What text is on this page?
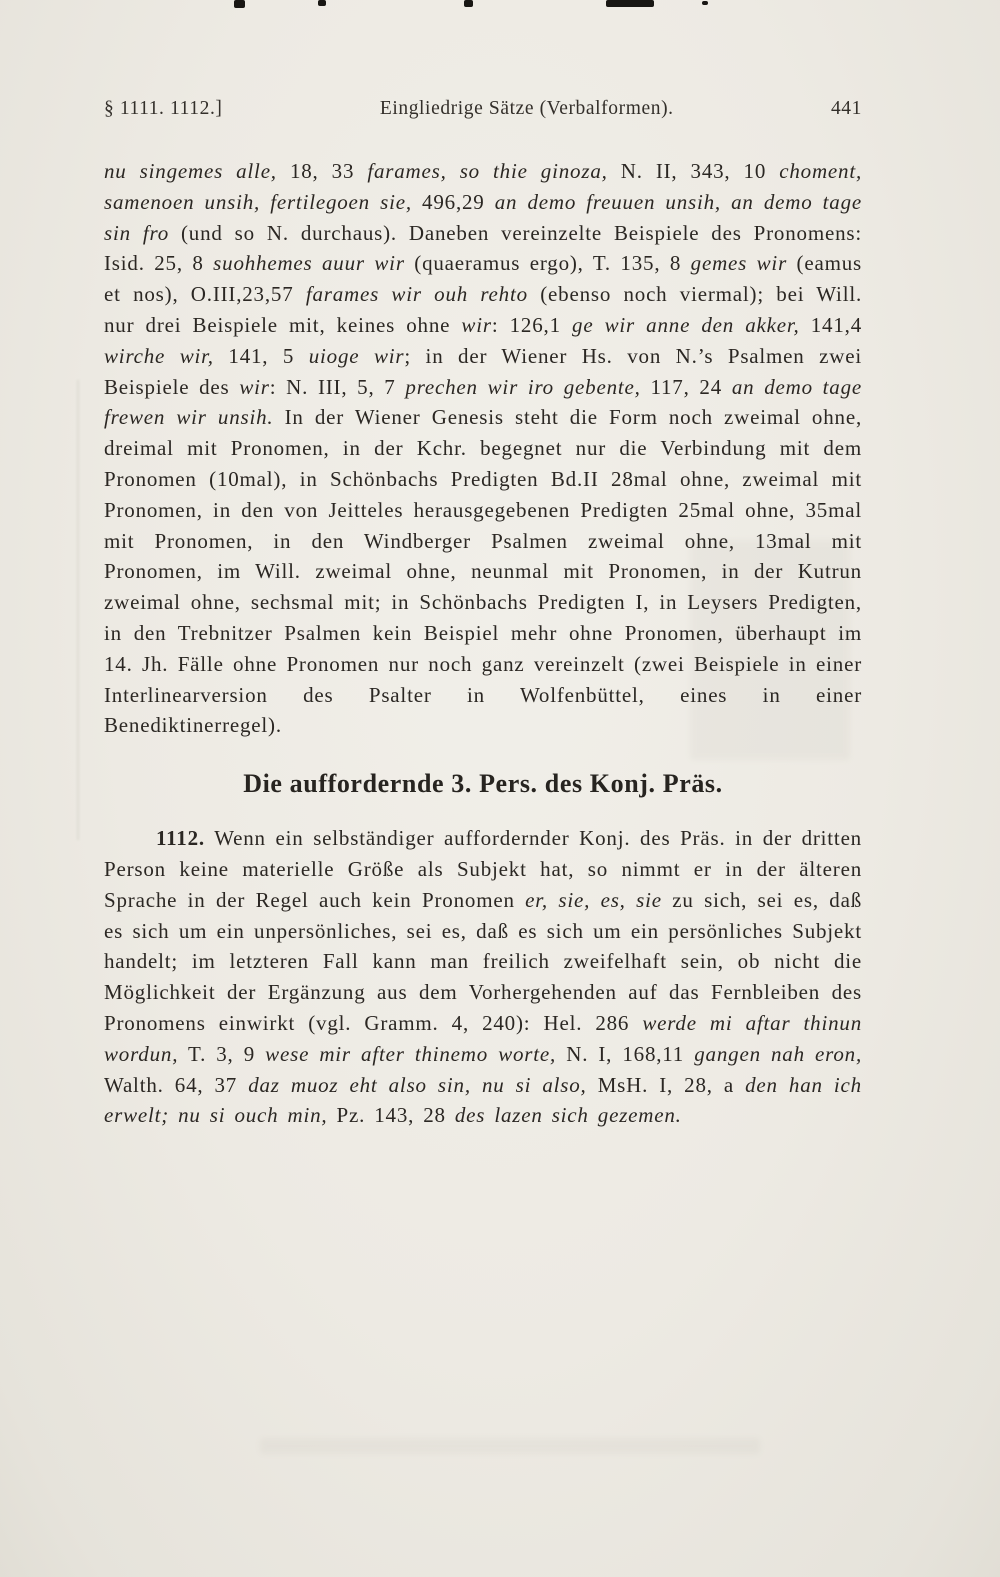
§ 1111. 1112.]	Eingliedrige Sätze (Verbalformen).	441

nu singemes alle, 18, 33 farames, so thie ginoza, N. II, 343, 10 choment, samenoen unsih, fertilegoen sie, 496,29 an demo freuuen unsih, an demo tage sin fro (und so N. durchaus). Daneben vereinzelte Beispiele des Pronomens: Isid. 25, 8 suohhemes auur wir (quaeramus ergo), T. 135, 8 gemes wir (eamus et nos), O.III,23,57 farames wir ouh rehto (ebenso noch viermal); bei Will. nur drei Beispiele mit, keines ohne wir: 126,1 ge wir anne den akker, 141,4 wirche wir, 141, 5 uioge wir; in der Wiener Hs. von N.’s Psalmen zwei Beispiele des wir: N. III, 5, 7 prechen wir iro gebente, 117, 24 an demo tage frewen wir unsih. In der Wiener Genesis steht die Form noch zweimal ohne, dreimal mit Pronomen, in der Kchr. begegnet nur die Verbindung mit dem Pronomen (10mal), in Schönbachs Predigten Bd.II 28mal ohne, zweimal mit Pronomen, in den von Jeitteles herausgegebenen Predigten 25mal ohne, 35mal mit Pronomen, in den Windberger Psalmen zweimal ohne, 13mal mit Pronomen, im Will. zweimal ohne, neunmal mit Pronomen, in der Kutrun zweimal ohne, sechsmal mit; in Schönbachs Predigten I, in Leysers Predigten, in den Trebnitzer Psalmen kein Beispiel mehr ohne Pronomen, überhaupt im 14. Jh. Fälle ohne Pronomen nur noch ganz vereinzelt (zwei Beispiele in einer Interlinearversion des Psalter in Wolfenbüttel, eines in einer Benediktinerregel).

Die auffordernde 3. Pers. des Konj. Präs.

1112. Wenn ein selbständiger auffordernder Konj. des Präs. in der dritten Person keine materielle Größe als Subjekt hat, so nimmt er in der älteren Sprache in der Regel auch kein Pronomen er, sie, es, sie zu sich, sei es, daß es sich um ein unpersönliches, sei es, daß es sich um ein persönliches Subjekt handelt; im letzteren Fall kann man freilich zweifelhaft sein, ob nicht die Möglichkeit der Ergänzung aus dem Vorhergehenden auf das Fernbleiben des Pronomens einwirkt (vgl. Gramm. 4, 240): Hel. 286 werde mi aftar thinun wordun, T. 3, 9 wese mir after thinemo worte, N. I, 168,11 gangen nah eron, Walth. 64, 37 daz muoz eht also sin, nu si also, MsH. I, 28, a den han ich erwelt; nu si ouch min, Pz. 143, 28 des lazen sich gezemen.
